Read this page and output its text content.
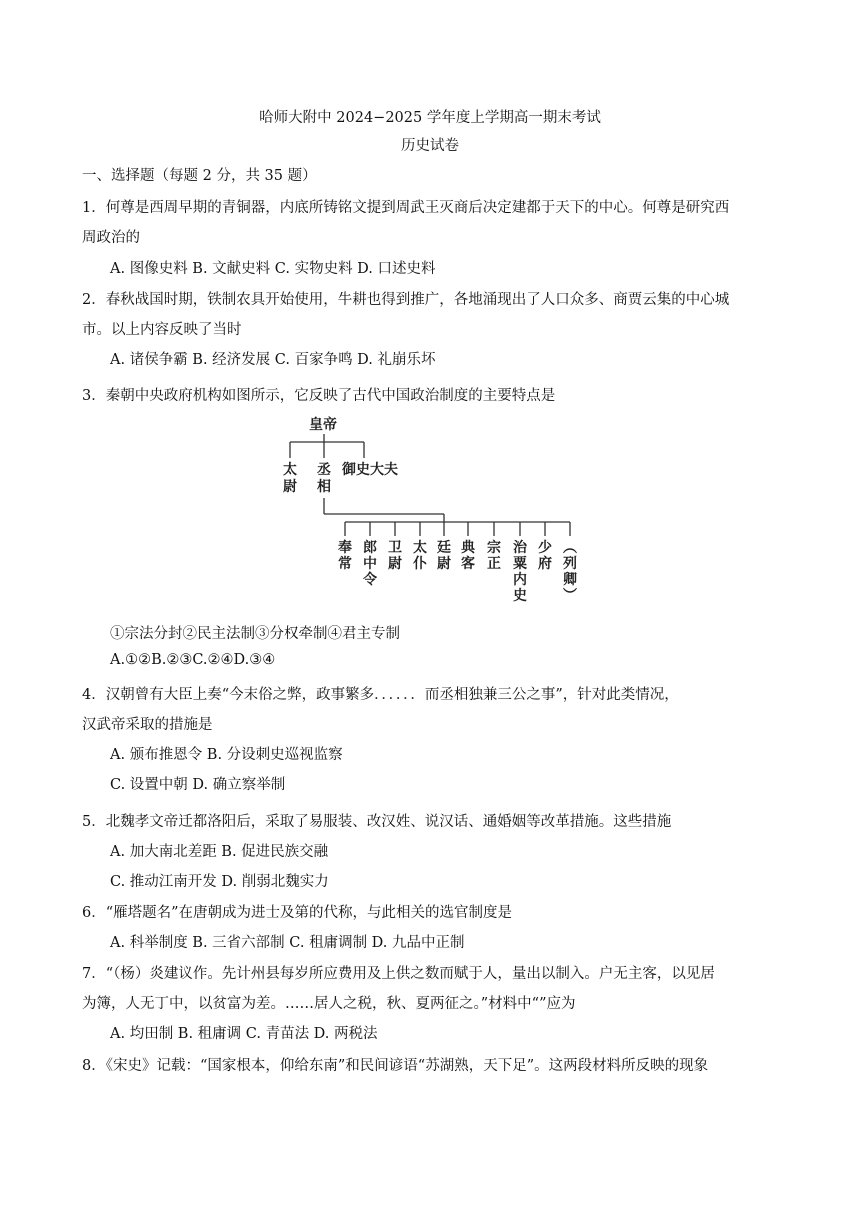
哈师大附中 2024−2025 学年度上学期高一期末考试
历史试卷
一、选择题（每题 2 分，共 35 题）
1．何尊是西周早期的青铜器，内底所铸铭文提到周武王灭商后决定建都于天下的中心。何尊是研究西
周政治的
A. 图像史料 B. 文献史料 C. 实物史料 D. 口述史料
2．春秋战国时期，铁制农具开始使用，牛耕也得到推广，各地涌现出了人口众多、商贾云集的中心城
市。以上内容反映了当时
A. 诸侯争霸 B. 经济发展 C. 百家争鸣 D. 礼崩乐坏
3．秦朝中央政府机构如图所示，它反映了古代中国政治制度的主要特点是
皇帝
太尉
丞相
御史大夫
奉常
郎中令
卫尉
太仆
廷尉
典客
宗正
治粟内史
少府
︵列卿︶
①宗法分封②民主法制③分权牵制④君主专制
A.①②B.②③C.②④D.③④
4．汉朝曾有大臣上奏“今末俗之弊，政事繁多．．．．．．而丞相独兼三公之事”，针对此类情况，
汉武帝采取的措施是
A. 颁布推恩令 B. 分设刺史巡视监察
C. 设置中朝 D. 确立察举制
5．北魏孝文帝迁都洛阳后，采取了易服装、改汉姓、说汉话、通婚姻等改革措施。这些措施
A. 加大南北差距 B. 促进民族交融
C. 推动江南开发 D. 削弱北魏实力
6．“雁塔题名”在唐朝成为进士及第的代称，与此相关的选官制度是
A. 科举制度 B. 三省六部制 C. 租庸调制 D. 九品中正制
7．“（杨）炎建议作。先计州县每岁所应费用及上供之数而赋于人，量出以制入。户无主客，以见居
为簿，人无丁中，以贫富为差。……居人之税，秋、夏两征之。”材料中“”应为
A. 均田制 B. 租庸调 C. 青苗法 D. 两税法
8．《宋史》记载：“国家根本，仰给东南”和民间谚语“苏湖熟，天下足”。这两段材料所反映的现象
